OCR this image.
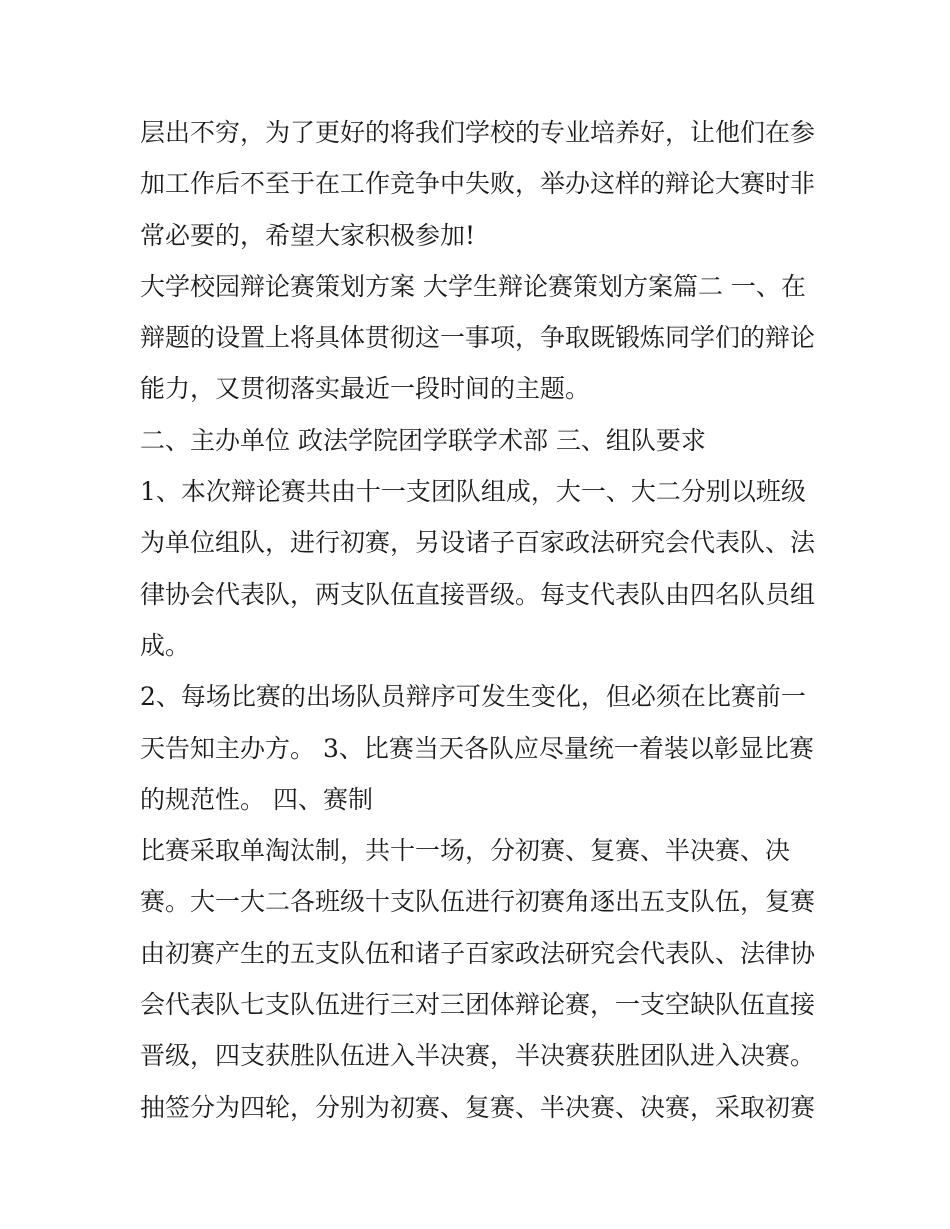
层出不穷，为了更好的将我们学校的专业培养好，让他们在参
加工作后不至于在工作竞争中失败，举办这样的辩论大赛时非
常必要的，希望大家积极参加!

大学校园辩论赛策划方案 大学生辩论赛策划方案篇二 一、在
辩题的设置上将具体贯彻这一事项，争取既锻炼同学们的辩论
能力，又贯彻落实最近一段时间的主题。

二、主办单位 政法学院团学联学术部 三、组队要求

1、本次辩论赛共由十一支团队组成，大一、大二分别以班级
为单位组队，进行初赛，另设诸子百家政法研究会代表队、法
律协会代表队，两支队伍直接晋级。每支代表队由四名队员组
成。

2、每场比赛的出场队员辩序可发生变化，但必须在比赛前一
天告知主办方。 3、比赛当天各队应尽量统一着装以彰显比赛
的规范性。 四、赛制

比赛采取单淘汰制，共十一场，分初赛、复赛、半决赛、决
赛。大一大二各班级十支队伍进行初赛角逐出五支队伍，复赛
由初赛产生的五支队伍和诸子百家政法研究会代表队、法律协
会代表队七支队伍进行三对三团体辩论赛，一支空缺队伍直接
晋级，四支获胜队伍进入半决赛，半决赛获胜团队进入决赛。
抽签分为四轮，分别为初赛、复赛、半决赛、决赛，采取初赛
